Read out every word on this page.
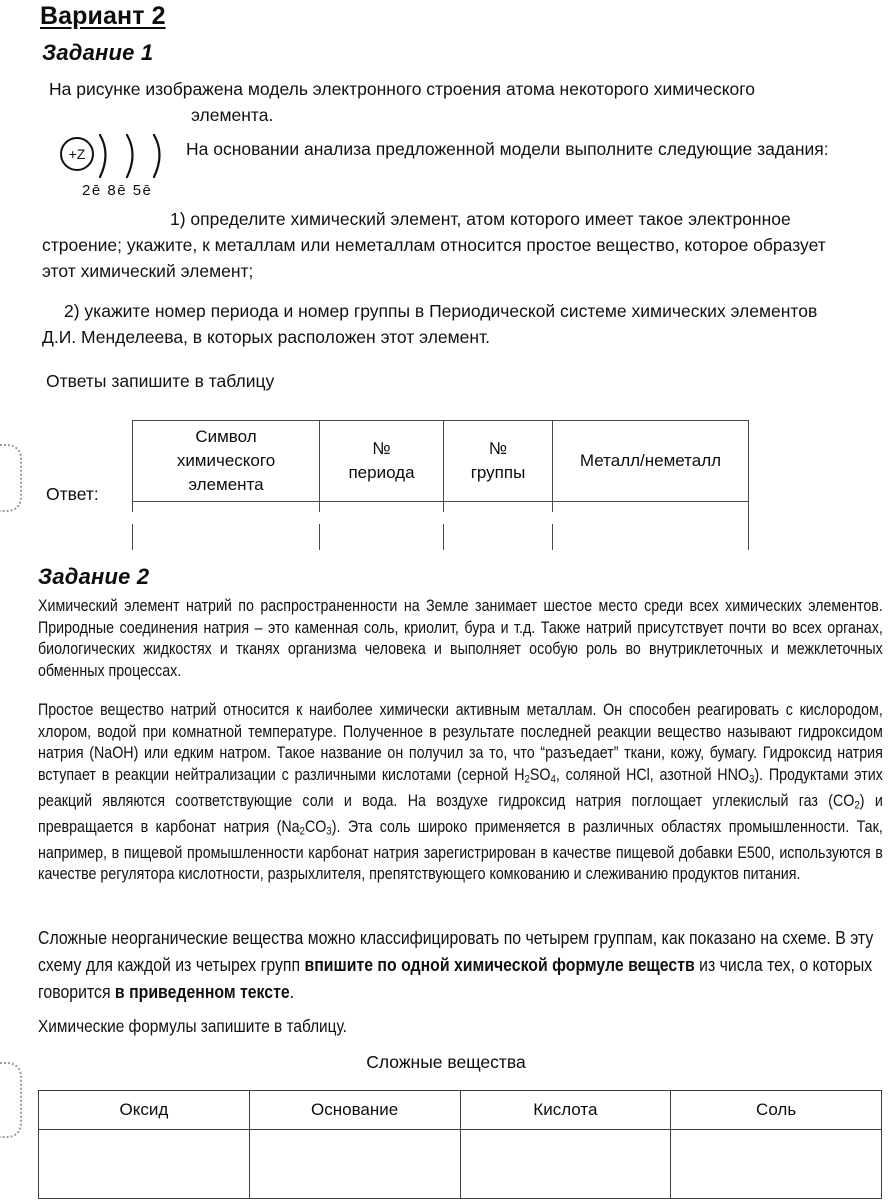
Вариант 2
Задание 1
На рисунке изображена модель электронного строения атома некоторого химического
элемента.
+Z
2ē 8ē 5ē
На основании анализа предложенной модели выполните следующие задания:
1) определите химический элемент, атом которого имеет такое электронное строение; укажите, к металлам или неметаллам относится простое вещество, которое образует этот химический элемент;
2) укажите номер периода и номер группы в Периодической системе химических элементов Д.И. Менделеева, в которых расположен этот элемент.
Ответы запишите в таблицу
Ответ:
Символ
химического
элемента	№
периода	№
группы	Металл/неметалл

Задание 2
Химический элемент натрий по распространенности на Земле занимает шестое место среди всех химических элементов. Природные соединения натрия – это каменная соль, криолит, бура и т.д. Также натрий присутствует почти во всех органах, биологических жидкостях и тканях организма человека и выполняет особую роль во внутриклеточных и межклеточных обменных процессах.
Простое вещество натрий относится к наиболее химически активным металлам. Он способен реагировать с кислородом, хлором, водой при комнатной температуре. Полученное в результате последней реакции вещество называют гидроксидом натрия (NaOH) или едким натром. Такое название он получил за то, что “разъедает” ткани, кожу, бумагу. Гидроксид натрия вступает в реакции нейтрализации с различными кислотами (серной $H_2SO_4$, соляной HCl, азотной $HNO_3$). Продуктами этих реакций являются соответствующие соли и вода. На воздухе гидроксид натрия поглощает углекислый газ $(CO_2)$ и превращается в карбонат натрия $(Na_2CO_3)$. Эта соль широко применяется в различных областях промышленности. Так, например, в пищевой промышленности карбонат натрия зарегистрирован в качестве пищевой добавки Е500, используются в качестве регулятора кислотности, разрыхлителя, препятствующего комкованию и слеживанию продуктов питания.
Сложные неорганические вещества можно классифицировать по четырем группам, как показано на схеме. В эту схему для каждой из четырех групп впишите по одной химической формуле веществ из числа тех, о которых говорится в приведенном тексте.
Химические формулы запишите в таблицу.
Сложные вещества
Оксид	Основание	Кислота	Соль
